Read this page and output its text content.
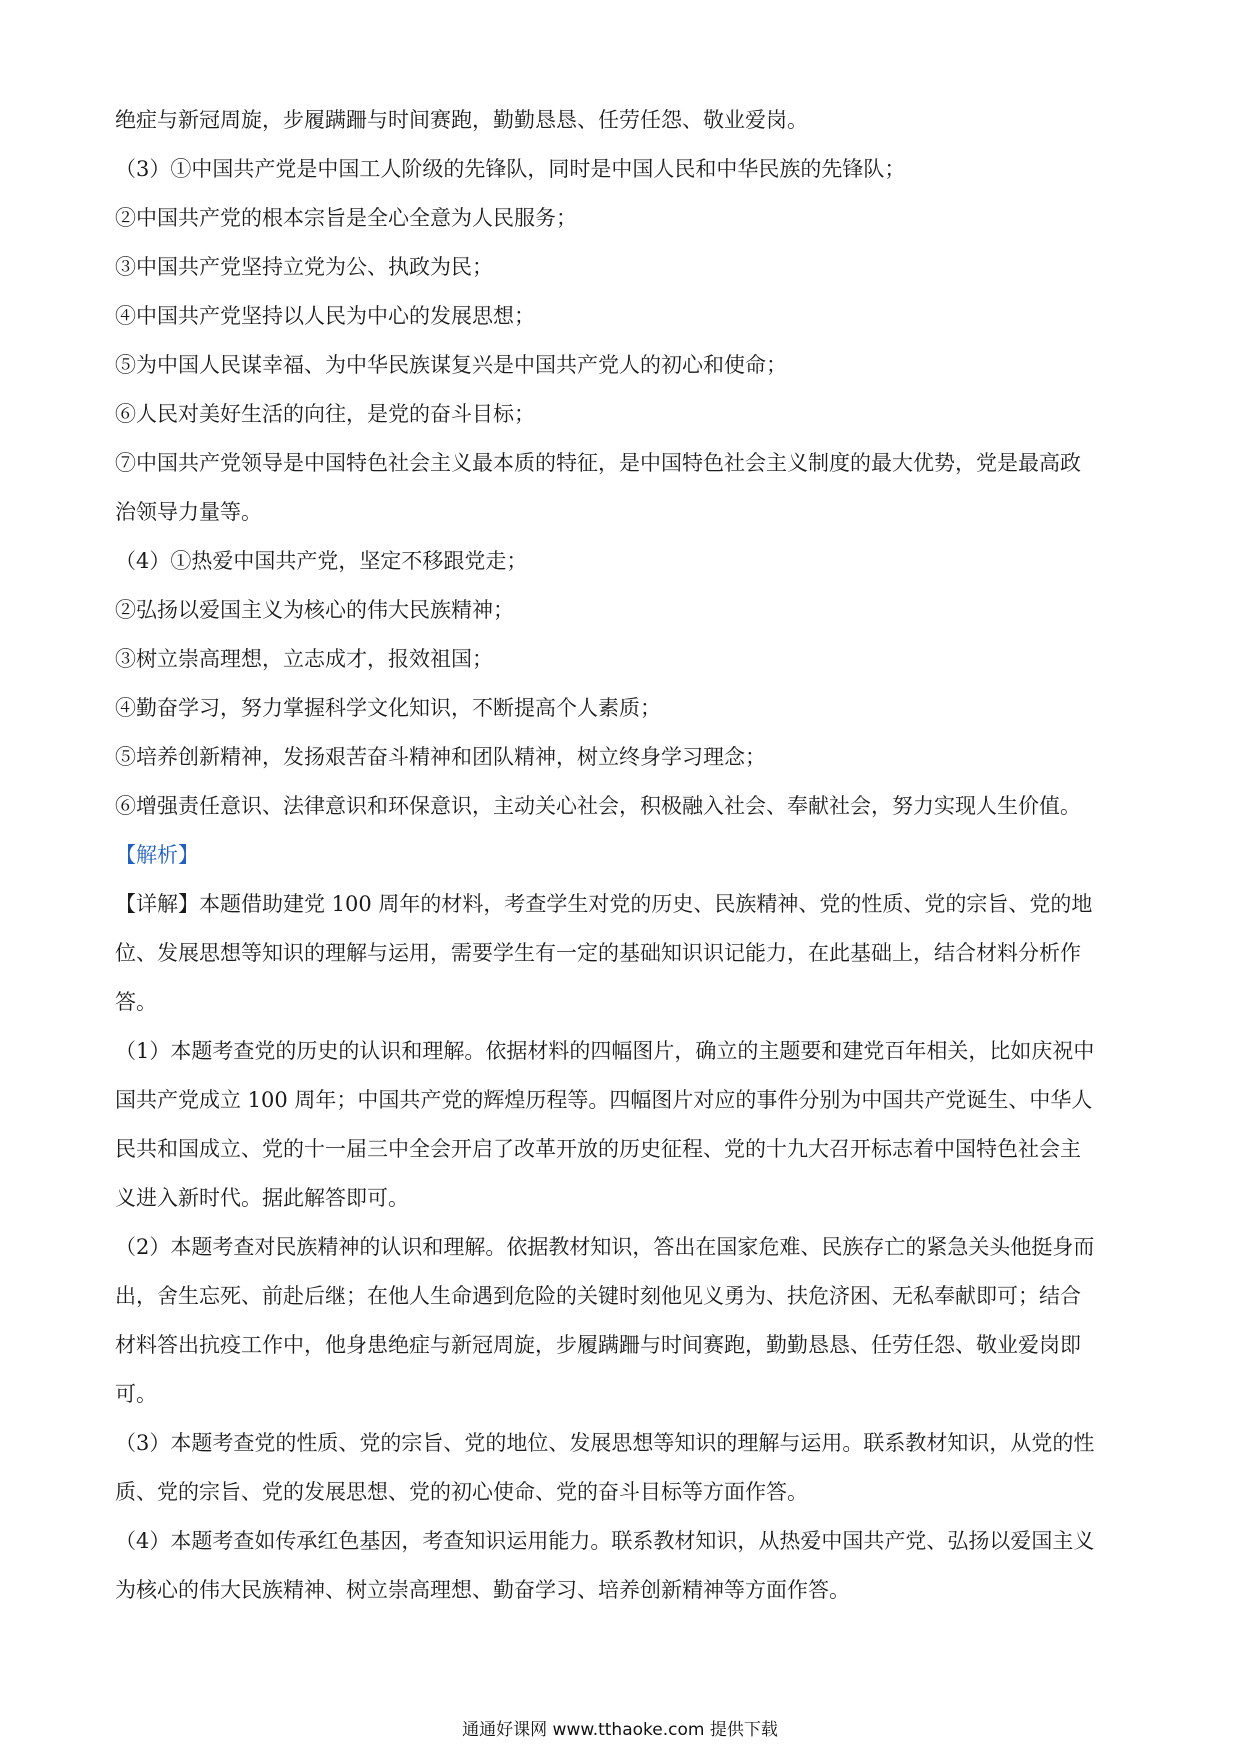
绝症与新冠周旋，步履蹒跚与时间赛跑，勤勤恳恳、任劳任怨、敬业爱岗。

（3）①中国共产党是中国工人阶级的先锋队，同时是中国人民和中华民族的先锋队；

②中国共产党的根本宗旨是全心全意为人民服务；

③中国共产党坚持立党为公、执政为民；

④中国共产党坚持以人民为中心的发展思想；

⑤为中国人民谋幸福、为中华民族谋复兴是中国共产党人的初心和使命；

⑥人民对美好生活的向往，是党的奋斗目标；

⑦中国共产党领导是中国特色社会主义最本质的特征，是中国特色社会主义制度的最大优势，党是最高政

治领导力量等。

（4）①热爱中国共产党，坚定不移跟党走；

②弘扬以爱国主义为核心的伟大民族精神；

③树立崇高理想，立志成才，报效祖国；

④勤奋学习，努力掌握科学文化知识，不断提高个人素质；

⑤培养创新精神，发扬艰苦奋斗精神和团队精神，树立终身学习理念；

⑥增强责任意识、法律意识和环保意识，主动关心社会，积极融入社会、奉献社会，努力实现人生价值。

【解析】

【详解】本题借助建党 100 周年的材料，考查学生对党的历史、民族精神、党的性质、党的宗旨、党的地

位、发展思想等知识的理解与运用，需要学生有一定的基础知识识记能力，在此基础上，结合材料分析作

答。

（1）本题考查党的历史的认识和理解。依据材料的四幅图片，确立的主题要和建党百年相关，比如庆祝中

国共产党成立 100 周年；中国共产党的辉煌历程等。四幅图片对应的事件分别为中国共产党诞生、中华人

民共和国成立、党的十一届三中全会开启了改革开放的历史征程、党的十九大召开标志着中国特色社会主

义进入新时代。据此解答即可。

（2）本题考查对民族精神的认识和理解。依据教材知识，答出在国家危难、民族存亡的紧急关头他挺身而

出，舍生忘死、前赴后继；在他人生命遇到危险的关键时刻他见义勇为、扶危济困、无私奉献即可；结合

材料答出抗疫工作中，他身患绝症与新冠周旋，步履蹒跚与时间赛跑，勤勤恳恳、任劳任怨、敬业爱岗即

可。

（3）本题考查党的性质、党的宗旨、党的地位、发展思想等知识的理解与运用。联系教材知识，从党的性

质、党的宗旨、党的发展思想、党的初心使命、党的奋斗目标等方面作答。

（4）本题考查如传承红色基因，考查知识运用能力。联系教材知识，从热爱中国共产党、弘扬以爱国主义

为核心的伟大民族精神、树立崇高理想、勤奋学习、培养创新精神等方面作答。

通通好课网 www.tthaoke.com 提供下载
